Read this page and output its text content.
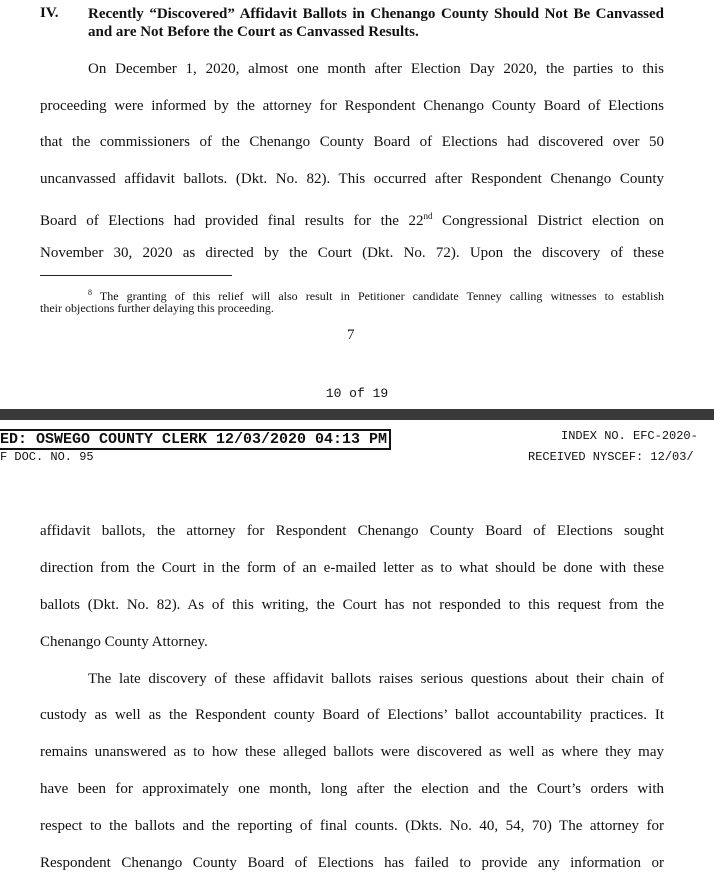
IV. Recently “Discovered” Affidavit Ballots in Chenango County Should Not Be Canvassed and are Not Before the Court as Canvassed Results.
On December 1, 2020, almost one month after Election Day 2020, the parties to this
proceeding were informed by the attorney for Respondent Chenango County Board of Elections
that the commissioners of the Chenango County Board of Elections had discovered over 50
uncanvassed affidavit ballots. (Dkt. No. 82). This occurred after Respondent Chenango County
Board of Elections had provided final results for the 22nd Congressional District election on
November 30, 2020 as directed by the Court (Dkt. No. 72). Upon the discovery of these
$^8$ The granting of this relief will also result in Petitioner candidate Tenney calling witnesses to establish
their objections further delaying this proceeding.
7
10 of 19
ED: OSWEGO COUNTY CLERK 12/03/2020 04:13 PM
F DOC. NO. 95
INDEX NO. EFC-2020-
RECEIVED NYSCEF: 12/03/
affidavit ballots, the attorney for Respondent Chenango County Board of Elections sought
direction from the Court in the form of an e-mailed letter as to what should be done with these
ballots (Dkt. No. 82). As of this writing, the Court has not responded to this request from the
Chenango County Attorney.
The late discovery of these affidavit ballots raises serious questions about their chain of
custody as well as the Respondent county Board of Elections’ ballot accountability practices. It
remains unanswered as to how these alleged ballots were discovered as well as where they may
have been for approximately one month, long after the election and the Court’s orders with
respect to the ballots and the reporting of final counts. (Dkts. No. 40, 54, 70) The attorney for
Respondent Chenango County Board of Elections has failed to provide any information or
